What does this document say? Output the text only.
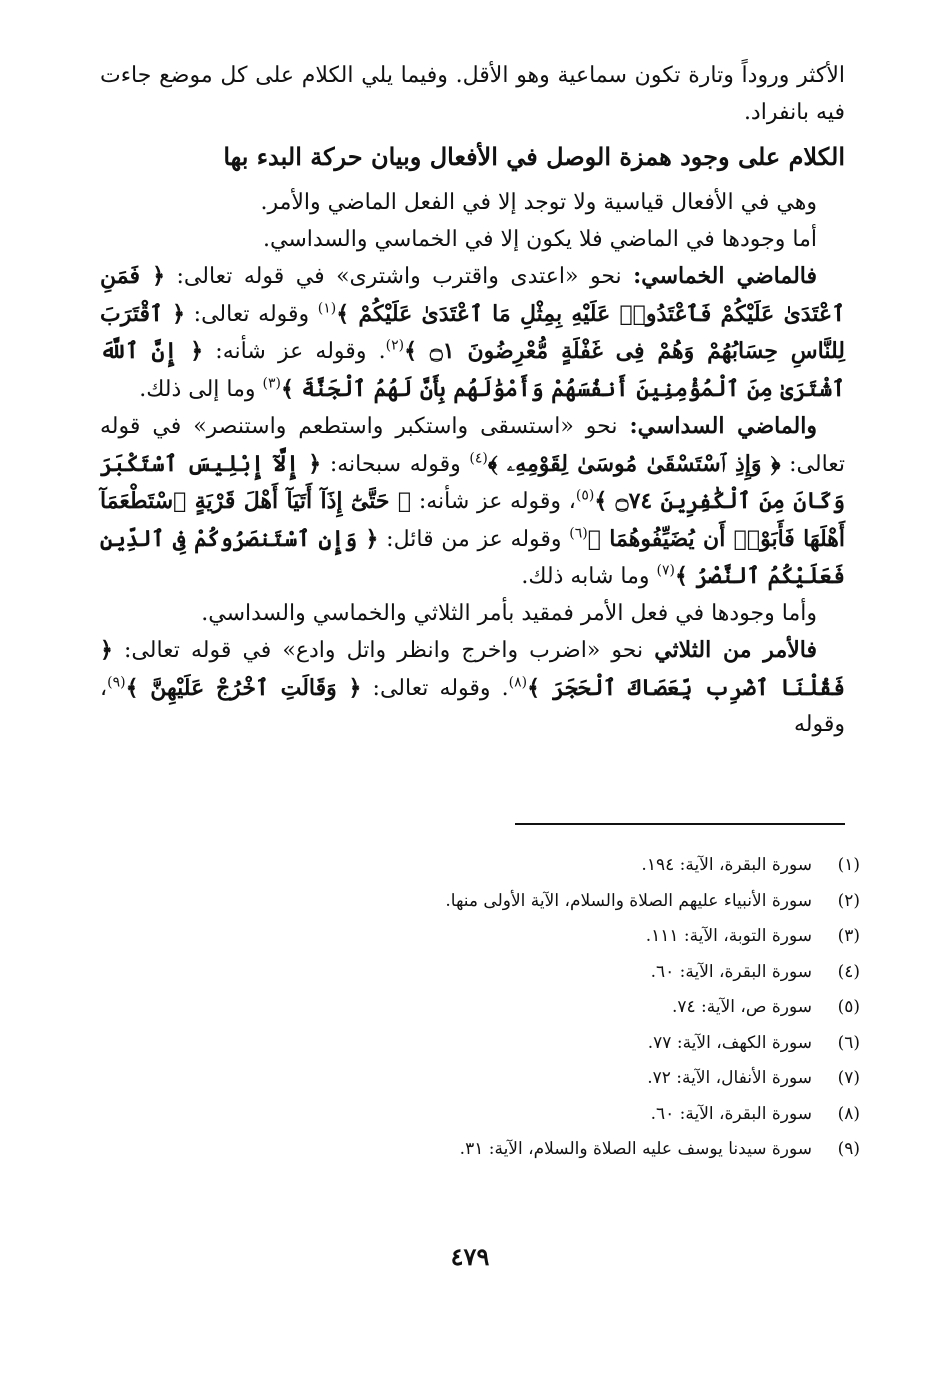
الأكثر وروداً وتارة تكون سماعية وهو الأقل. وفيما يلي الكلام على كل موضع جاءت فيه بانفراد.

الكلام على وجود همزة الوصل في الأفعال وبيان حركة البدء بها

وهي في الأفعال قياسية ولا توجد إلا في الفعل الماضي والأمر.

أما وجودها في الماضي فلا يكون إلا في الخماسي والسداسي.

فالماضي الخماسي: نحو «اعتدى واقترب واشترى» في قوله تعالى: ﴿ فَمَنِ ٱعْتَدَىٰ عَلَيْكُمْ فَٱعْتَدُوا۟ عَلَيْهِ بِمِثْلِ مَا ٱعْتَدَىٰ عَلَيْكُمْ ﴾$^{(١)}$ وقوله تعالى: ﴿ ٱقْتَرَبَ لِلنَّاسِ حِسَابُهُمْ وَهُمْ فِى غَفْلَةٍ مُّعْرِضُونَ ۝١ ﴾$^{(٢)}$. وقوله عز شأنه: ﴿ إِنَّ ٱللَّهَ ٱشْتَرَىٰ مِنَ ٱلْمُؤْمِنِينَ أَنفُسَهُمْ وَأَمْوَٰلَهُم بِأَنَّ لَهُمُ ٱلْجَنَّةَ ﴾$^{(٣)}$ وما إلى ذلك.

والماضي السداسي: نحو «استسقى واستكبر واستطعم واستنصر» في قوله تعالى: ﴿ وَإِذِ ٱسْتَسْقَىٰ مُوسَىٰ لِقَوْمِهِۦ ﴾$^{(٤)}$ وقوله سبحانه: ﴿ إِلَّآ إِبْلِيسَ ٱسْتَكْبَرَ وَكَانَ مِنَ ٱلْكَٰفِرِينَ ۝٧٤ ﴾$^{(٥)}$، وقوله عز شأنه: ﴿ حَتَّىٰٓ إِذَآ أَتَيَآ أَهْلَ قَرْيَةٍ ٱسْتَطْعَمَآ أَهْلَهَا فَأَبَوْا۟ أَن يُضَيِّفُوهُمَا ﴾$^{(٦)}$ وقوله عز من قائل: ﴿ وَإِنِ ٱسْتَنصَرُوكُمْ فِى ٱلدِّينِ فَعَلَيْكُمُ ٱلنَّصْرُ ﴾$^{(٧)}$ وما شابه ذلك.

وأما وجودها في فعل الأمر فمقيد بأمر الثلاثي والخماسي والسداسي.

فالأمر من الثلاثي نحو «اضرب واخرج وانظر واتل وادع» في قوله تعالى: ﴿ فَقُلْنَا ٱضْرِب بِّعَصَاكَ ٱلْحَجَرَ ﴾$^{(٨)}$. وقوله تعالى: ﴿ وَقَالَتِ ٱخْرُجْ عَلَيْهِنَّ ﴾$^{(٩)}$، وقوله

(١)
سورة البقرة، الآية: ١٩٤.
(٢)
سورة الأنبياء عليهم الصلاة والسلام، الآية الأولى منها.
(٣)
سورة التوبة، الآية: ١١١.
(٤)
سورة البقرة، الآية: ٦٠.
(٥)
سورة ص، الآية: ٧٤.
(٦)
سورة الكهف، الآية: ٧٧.
(٧)
سورة الأنفال، الآية: ٧٢.
(٨)
سورة البقرة، الآية: ٦٠.
(٩)
سورة سيدنا يوسف عليه الصلاة والسلام، الآية: ٣١.
٤٧٩
